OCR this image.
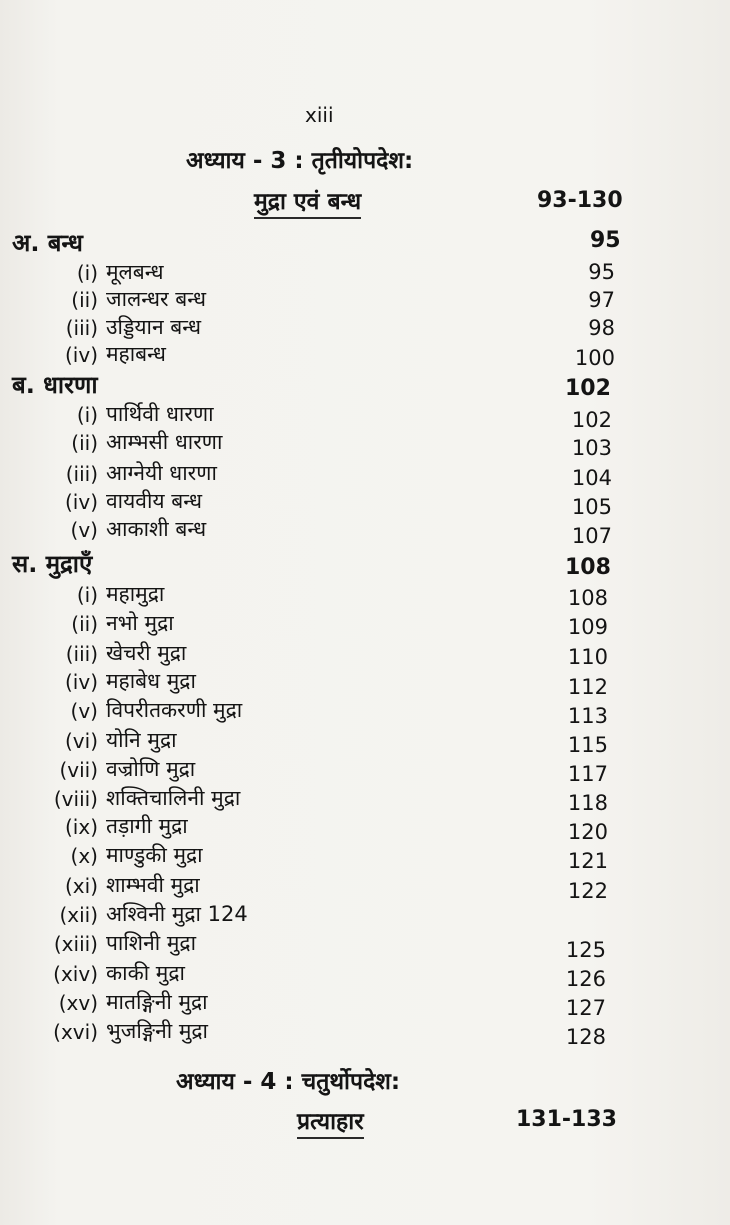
xiii
अध्याय - 3 : तृतीयोपदेश:
मुद्रा एवं बन्ध	93-130
अ. बन्ध	95
(i) मूलबन्ध	95
(ii) जालन्धर बन्ध	97
(iii) उड्डियान बन्ध	98
(iv) महाबन्ध	100
ब. धारणा	102
(i) पार्थिवी धारणा	102
(ii) आम्भसी धारणा	103
(iii) आग्नेयी धारणा	104
(iv) वायवीय बन्ध	105
(v) आकाशी बन्ध	107
स. मुद्राएँ	108
(i) महामुद्रा	108
(ii) नभो मुद्रा	109
(iii) खेचरी मुद्रा	110
(iv) महाबेध मुद्रा	112
(v) विपरीतकरणी मुद्रा	113
(vi) योनि मुद्रा	115
(vii) वज्रोणि मुद्रा	117
(viii) शक्तिचालिनी मुद्रा	118
(ix) तड़ागी मुद्रा	120
(x) माण्डुकी मुद्रा	121
(xi) शाम्भवी मुद्रा	122
(xii) अश्विनी मुद्रा 124
(xiii) पाशिनी मुद्रा	125
(xiv) काकी मुद्रा	126
(xv) मातङ्गिनी मुद्रा	127
(xvi) भुजङ्गिनी मुद्रा	128
अध्याय - 4 : चतुर्थोपदेश:
प्रत्याहार	131-133
